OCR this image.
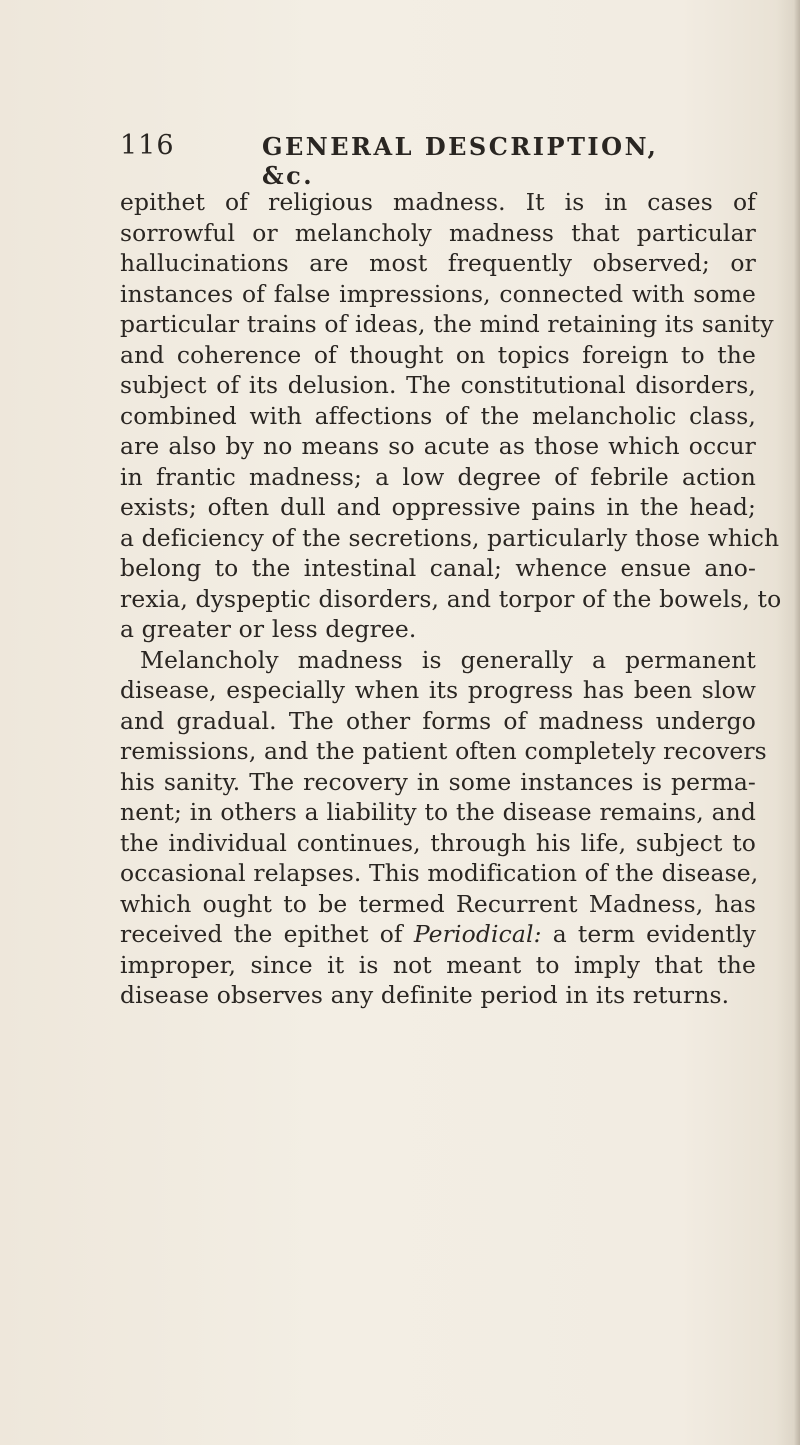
116	GENERAL DESCRIPTION, &c.
epithet of religious madness. It is in cases of
sorrowful or melancholy madness that particular
hallucinations are most frequently observed; or
instances of false impressions, connected with some
particular trains of ideas, the mind retaining its sanity
and coherence of thought on topics foreign to the
subject of its delusion. The constitutional disorders,
combined with affections of the melancholic class,
are also by no means so acute as those which occur
in frantic madness; a low degree of febrile action
exists; often dull and oppressive pains in the head;
a deficiency of the secretions, particularly those which
belong to the intestinal canal; whence ensue ano-
rexia, dyspeptic disorders, and torpor of the bowels, to
a greater or less degree.
Melancholy madness is generally a permanent
disease, especially when its progress has been slow
and gradual. The other forms of madness undergo
remissions, and the patient often completely recovers
his sanity. The recovery in some instances is perma-
nent; in others a liability to the disease remains, and
the individual continues, through his life, subject to
occasional relapses. This modification of the disease,
which ought to be termed Recurrent Madness, has
received the epithet of Periodical: a term evidently
improper, since it is not meant to imply that the
disease observes any definite period in its returns.
